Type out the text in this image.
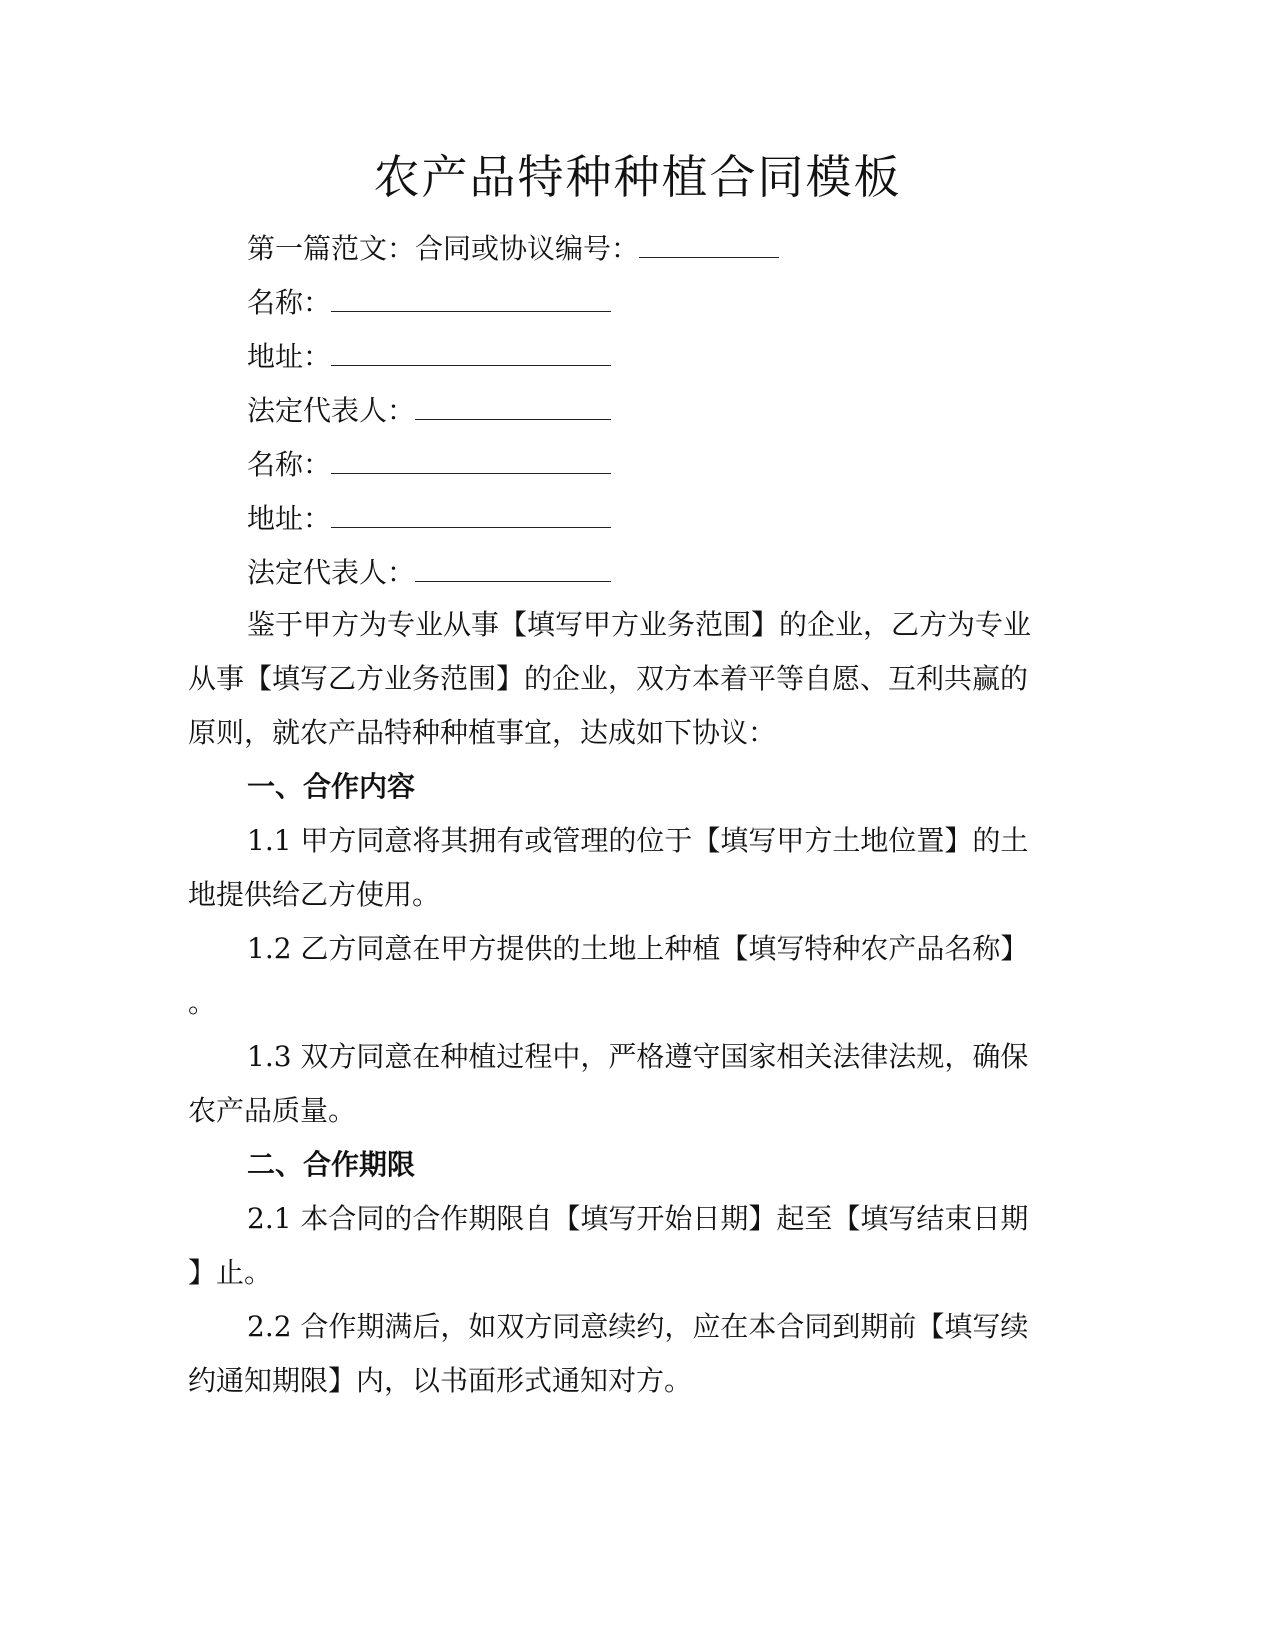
农产品特种种植合同模板
第一篇范文：合同或协议编号：
名称：
地址：
法定代表人：
名称：
地址：
法定代表人：
鉴于甲方为专业从事【填写甲方业务范围】的企业，乙方为专业
从事【填写乙方业务范围】的企业，双方本着平等自愿、互利共赢的
原则，就农产品特种种植事宜，达成如下协议：
一、合作内容
1.1 甲方同意将其拥有或管理的位于【填写甲方土地位置】的土
地提供给乙方使用。
1.2 乙方同意在甲方提供的土地上种植【填写特种农产品名称】
。
1.3 双方同意在种植过程中，严格遵守国家相关法律法规，确保
农产品质量。
二、合作期限
2.1 本合同的合作期限自【填写开始日期】起至【填写结束日期
】止。
2.2 合作期满后，如双方同意续约，应在本合同到期前【填写续
约通知期限】内，以书面形式通知对方。
